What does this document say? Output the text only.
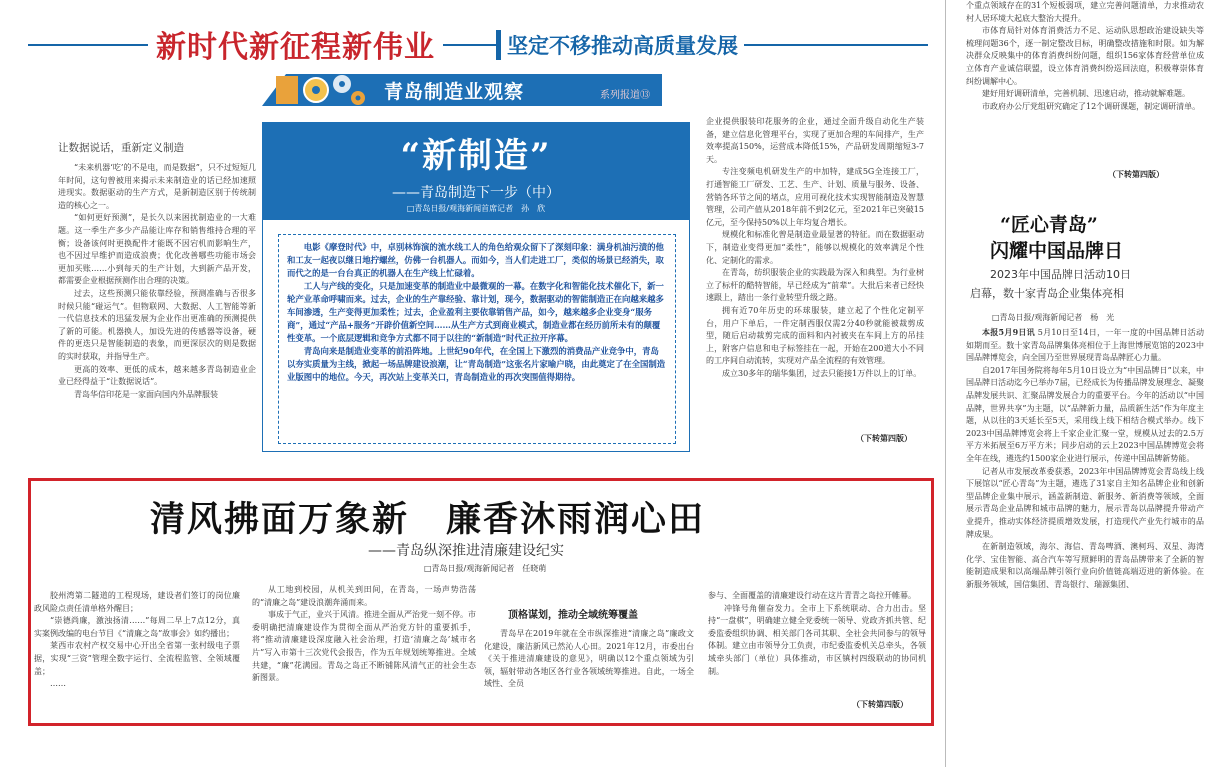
新时代新征程新伟业	坚定不移推动高质量发展
青岛制造业观察	系列报道⑬
“新制造”
——青岛制造下一步（中）
□青岛日报/观海新闻首席记者　孙　欣

电影《摩登时代》中，卓别林饰演的流水线工人的角色给观众留下了深刻印象：满身机油污渍的他和工友一起夜以继日地拧螺丝，仿佛一台机器人。而如今，当人们走进工厂，类似的场景已经消失，取而代之的是一台台真正的机器人在生产线上忙碌着。

工人与产线的变化，只是加速变革的制造业中最微观的一幕。在数字化和智能化技术催化下，新一轮产业革命呼啸而来。过去，企业的生产靠经验、靠计划，现今，数据驱动的智能制造正在向越来越多车间渗透，生产变得更加柔性；过去，企业盈利主要依靠销售产品，如今，越来越多企业变身“服务商”，通过“产品+服务”开辟价值新空间……从生产方式到商业模式，制造业都在经历前所未有的颠覆性变革。一个底层逻辑和竞争方式都不同于以往的“新制造”时代正拉开序幕。

青岛向来是制造业变革的前沿阵地。上世纪90年代，在全国上下激烈的消费品产业竞争中，青岛以夯实质量为主线，掀起一场品牌建设浪潮，让“青岛制造”这张名片家喻户晓，由此奠定了在全国制造业版图中的地位。今天，再次站上变革关口，青岛制造业的再次突围值得期待。

让数据说话，重新定义制造

“未来机器‘吃’的不是电，而是数据”，只不过短短几年时间，这句曾被用来揭示未来制造业的话已经加速照进现实。数据驱动的生产方式，是新制造区别于传统制造的核心之一。

“如何更好预测”，是长久以来困扰制造业的一大难题。这一季生产多少产品能让库存和销售维持合理的平衡；设备该何时更换配件才能既不因宕机而影响生产，也不因过早维护而造成浪费；优化改善哪些功能市场会更加买账……小到每天的生产计划，大到新产品开发，都需要企业根据预测作出合理的决策。

过去，这些预测只能依靠经验，预测准确与否很多时候只能“碰运气”。但物联网、大数据、人工智能等新一代信息技术的迅猛发展为企业作出更准确的预测提供了新的可能。机器换人，加设先进的传感器等设备，硬件的更迭只是智能制造的表象，而更深层次的则是数据的实时获取，并指导生产。

更高的效率、更低的成本，越来越多青岛制造业企业已经得益于“让数据说话”。

青岛华信印花是一家面向国内外品牌服装

企业提供服装印花服务的企业，通过全面升级自动化生产装备，建立信息化管理平台，实现了更加合理的车间排产，生产效率提高150%，运营成本降低15%，产品研发周期缩短3-7天。

专注变频电机研发生产的中加特，建成5G全连接工厂，打通智能工厂研发、工艺、生产、计划、质量与服务、设备、营销各环节之间的堵点，应用可视化技术实现智能制造及智慧管理，公司产值从2018年前不到2亿元，至2021年已突破15亿元，至今保持50%以上年均复合增长。

规模化和标准化曾是制造业最显著的特征。而在数据驱动下，制造业变得更加“柔性”，能够以规模化的效率满足个性化、定制化的需求。

在青岛，纺织服装企业的实践最为深入和典型。为行业树立了标杆的酷特智能，早已经成为“前辈”。大批后来者已经快速跟上，踏出一条行业转型升级之路。

拥有近70年历史的环球服装，建立起了个性化定制平台，用户下单后，一件定制西服仅需2分40秒就能被裁剪成型，随后启动裁剪完成的面料和内衬被夹在车间上方的吊挂上，附客户信息和电子标签挂在一起，开始在200道大小不同的工序间自动流转，实现对产品全流程的有效管理。

成立30多年的瑞华集团，过去只能接1万件以上的订单。

（下转第四版）
清风拂面万象新　廉香沐雨润心田
——青岛纵深推进清廉建设纪实
□青岛日报/观海新闻记者　任晓萌

胶州湾第二隧道的工程现场，建设者们签订的岗位廉政风险点责任清单格外醒目；

“崇德尚廉，激浊扬清……”每周二早上7点12分，真实案例改编的电台节目《“清廉之岛”故事会》如约播出；

莱西市农村产权交易中心开出全省第一张村级电子票据，实现“三资”管理全数字运行、全流程监管、全领域覆盖；

……

从工地到校园，从机关到田间，在青岛，一场声势浩荡的“清廉之岛”建设浪潮奔涌而来。

事成于气正，业兴于风清。推进全面从严治党一刻不停。市委明确把清廉建设作为贯彻全面从严治党方针的重要抓手，将“推动清廉建设深度融入社会治理，打造‘清廉之岛’城市名片”写入市第十三次党代会报告，作为五年规划统筹推进。全域共建，“廉”花满园。青岛之岛正不断铺陈风清气正的社会生态新图景。

顶格谋划，推动全域统筹覆盖

青岛早在2019年就在全市纵深推进“清廉之岛”廉政文化建设，廉洁新风已然沁人心田。2021年12月，市委出台《关于推进清廉建设的意见》，明确以12个重点领域为引领，辐射带动各地区各行业各领域统筹推进。自此，一场全域性、全员

参与、全面覆盖的清廉建设行动在这片青青之岛拉开帷幕。

冲锋号角催奋发力。全市上下系统联动、合力出击。坚持“一盘棋”，明确建立健全党委统一领导、党政齐抓共管、纪委监委组织协调、相关部门各司其职、全社会共同参与的领导体制。建立由市领导分工负责，市纪委监委机关总牵头，各领域牵头部门（单位）具体推动，市区镇村四级联动的协同机制。

（下转第四版）

个重点领域存在的31个短板弱项，建立完善问题清单，力求推动农村人居环境大起底大整治大提升。

市体育局针对体育消费活力不足、运动队思想政治建设缺失等梳理问题36个，逐一制定整改目标，明确整改措施和时限。如为解决群众反映集中的体育消费纠纷问题，组织156家体育经营单位成立体育产业诚信联盟，设立体育消费纠纷巡回法庭，积极尊崇体育纠纷调解中心。

建好用好调研清单，完善机制、迅速启动，推动就解难题。

市政府办公厅党组研究确定了12个调研课题，制定调研清单。

（下转第四版）
“匠心青岛”
闪耀中国品牌日
2023年中国品牌日活动10日
启幕，数十家青岛企业集体亮相
□青岛日报/观海新闻记者　杨　光

本报5月9日讯 5月10日至14日，一年一度的中国品牌日活动如期而至。数十家青岛品牌集体亮相位于上海世博展览馆的2023中国品牌博览会，向全国乃至世界展现青岛品牌匠心力量。

自2017年国务院将每年5月10日设立为“中国品牌日”以来，中国品牌日活动迄今已举办7届，已经成长为传播品牌发展理念、凝聚品牌发展共识、汇聚品牌发展合力的重要平台。今年的活动以“中国品牌，世界共享”为主题，以“品牌新力量，品质新生活”作为年度主题，从以往的3天延长至5天，采用线上线下相结合模式举办。线下2023中国品牌博览会将上千家企业汇聚一堂，规模从过去的2.5万平方米拓展至6万平方米；同步启动的云上2023中国品牌博览会将全年在线，遴选约1500家企业进行展示，传递中国品牌新势能。

记者从市发展改革委获悉，2023年中国品牌博览会青岛线上线下展馆以“匠心青岛”为主题，遴选了31家自主知名品牌企业和创新型品牌企业集中展示，涵盖新制造、新服务、新消费等领域，全面展示青岛企业品牌和城市品牌的魅力，展示青岛以品牌提升带动产业提升，推动实体经济提质增效发展，打造现代产业先行城市的品牌成果。

在新制造领域，海尔、海信、青岛啤酒、澳柯玛、双星、海湾化学、宝佳智能、高合汽车等写照鲜明的青岛品牌带来了全新的智能制造成果和以高端品牌引领行业向价值链高端迈进的新体验。在新服务领域，国信集团、青岛银行、瑞源集团、
